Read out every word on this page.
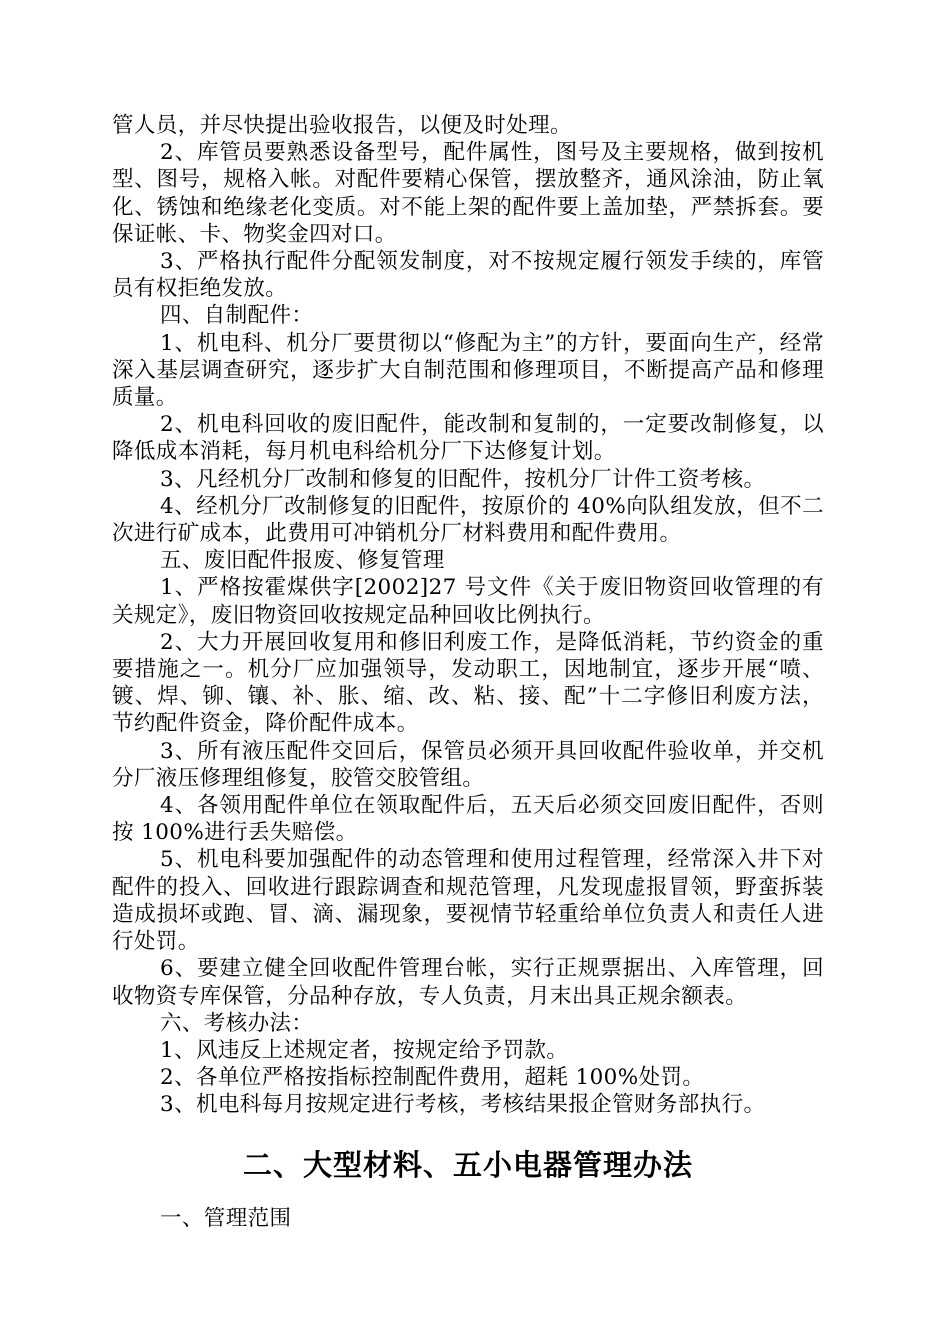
管人员，并尽快提出验收报告，以便及时处理。

2、库管员要熟悉设备型号，配件属性，图号及主要规格，做到按机型、图号，规格入帐。对配件要精心保管，摆放整齐，通风涂油，防止氧化、锈蚀和绝缘老化变质。对不能上架的配件要上盖加垫，严禁拆套。要保证帐、卡、物奖金四对口。

3、严格执行配件分配领发制度，对不按规定履行领发手续的，库管员有权拒绝发放。

四、自制配件：

1、机电科、机分厂要贯彻以“修配为主”的方针，要面向生产，经常深入基层调查研究，逐步扩大自制范围和修理项目，不断提高产品和修理质量。

2、机电科回收的废旧配件，能改制和复制的，一定要改制修复，以降低成本消耗，每月机电科给机分厂下达修复计划。

3、凡经机分厂改制和修复的旧配件，按机分厂计件工资考核。

4、经机分厂改制修复的旧配件，按原价的 40%向队组发放，但不二次进行矿成本，此费用可冲销机分厂材料费用和配件费用。

五、废旧配件报废、修复管理

1、严格按霍煤供字[2002]27 号文件《关于废旧物资回收管理的有关规定》，废旧物资回收按规定品种回收比例执行。

2、大力开展回收复用和修旧利废工作，是降低消耗，节约资金的重要措施之一。机分厂应加强领导，发动职工，因地制宜，逐步开展“喷、镀、焊、铆、镶、补、胀、缩、改、粘、接、配”十二字修旧利废方法，节约配件资金，降价配件成本。

3、所有液压配件交回后，保管员必须开具回收配件验收单，并交机分厂液压修理组修复，胶管交胶管组。

4、各领用配件单位在领取配件后，五天后必须交回废旧配件，否则按 100%进行丢失赔偿。

5、机电科要加强配件的动态管理和使用过程管理，经常深入井下对配件的投入、回收进行跟踪调查和规范管理，凡发现虚报冒领，野蛮拆装造成损坏或跑、冒、滴、漏现象，要视情节轻重给单位负责人和责任人进行处罚。

6、要建立健全回收配件管理台帐，实行正规票据出、入库管理，回收物资专库保管，分品种存放，专人负责，月末出具正规余额表。

六、考核办法：

1、风违反上述规定者，按规定给予罚款。

2、各单位严格按指标控制配件费用，超耗 100%处罚。

3、机电科每月按规定进行考核，考核结果报企管财务部执行。

二、大型材料、五小电器管理办法

一、管理范围
